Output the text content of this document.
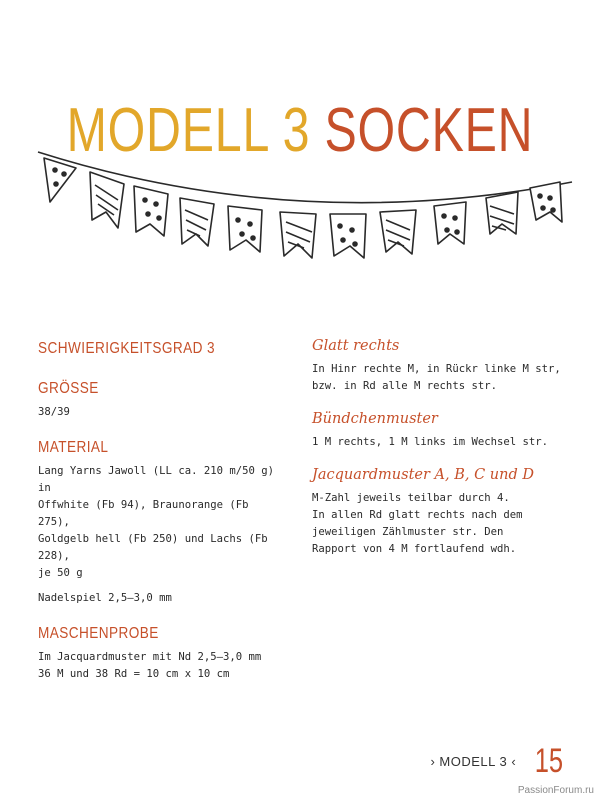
MODELL 3 SOCKEN
SCHWIERIGKEITSGRAD 3
GRÖSSE

38/39

MATERIAL

Lang Yarns Jawoll (LL ca. 210 m/50 g) in
Offwhite (Fb 94), Braunorange (Fb 275),
Goldgelb hell (Fb 250) und Lachs (Fb 228),
je 50 g

Nadelspiel 2,5–3,0 mm

MASCHENPROBE

Im Jacquardmuster mit Nd 2,5–3,0 mm
36 M und 38 Rd = 10 cm x 10 cm

Glatt rechts

In Hinr rechte M, in Rückr linke M str,
bzw. in Rd alle M rechts str.

Bündchenmuster

1 M rechts, 1 M links im Wechsel str.

Jacquardmuster A, B, C und D

M-Zahl jeweils teilbar durch 4.

In allen Rd glatt rechts nach dem
jeweiligen Zählmuster str. Den
Rapport von 4 M fortlaufend wdh.

› MODELL 3 ‹ 15
PassionForum.ru
